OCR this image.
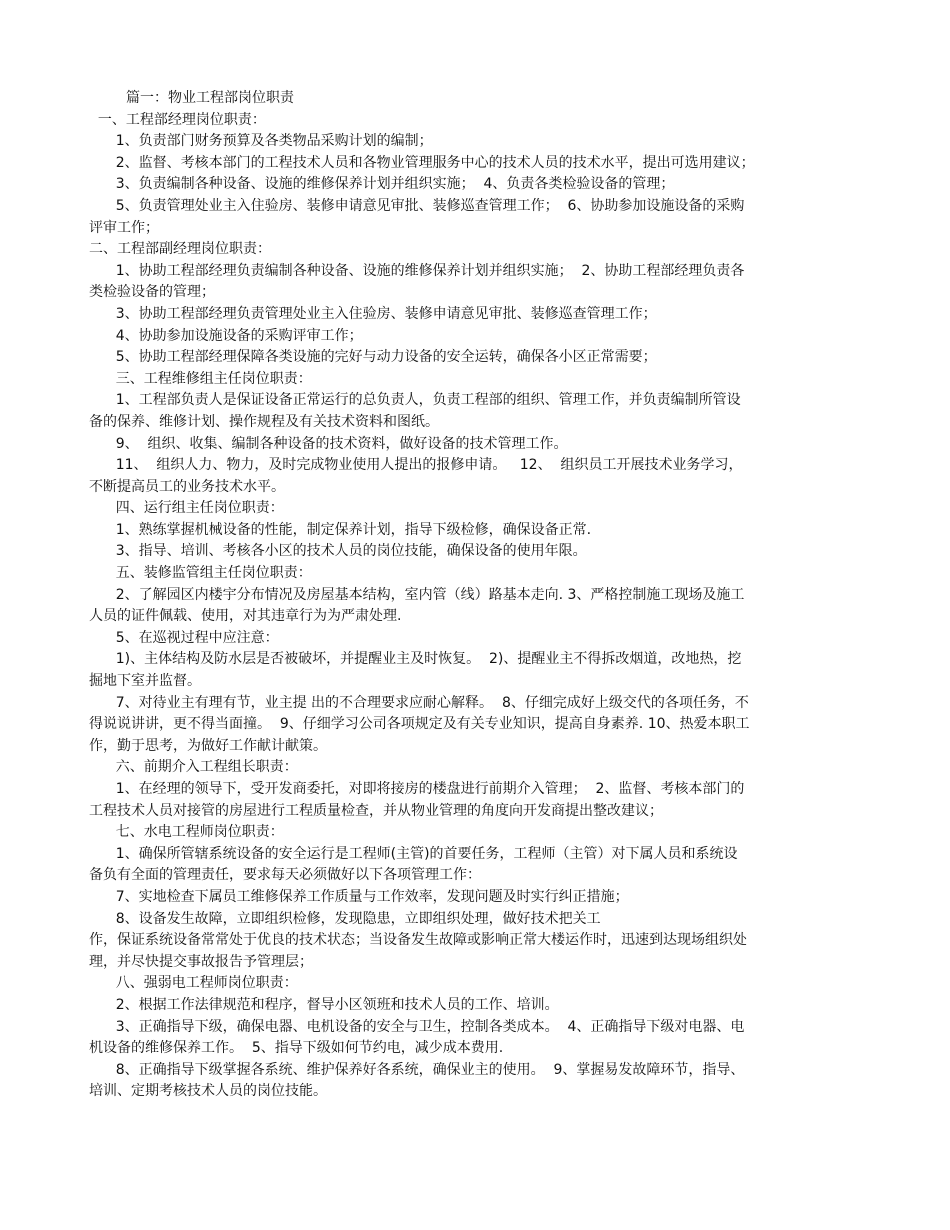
篇一：物业工程部岗位职责
一、工程部经理岗位职责：
1、负责部门财务预算及各类物品采购计划的编制；
2、监督、考核本部门的工程技术人员和各物业管理服务中心的技术人员的技术水平，提出可选用建议；
3、负责编制各种设备、设施的维修保养计划并组织实施；  4、负责各类检验设备的管理；
5、负责管理处业主入住验房、装修申请意见审批、装修巡查管理工作；  6、协助参加设施设备的采购
评审工作；
二、工程部副经理岗位职责：
1、协助工程部经理负责编制各种设备、设施的维修保养计划并组织实施；  2、协助工程部经理负责各
类检验设备的管理；
3、协助工程部经理负责管理处业主入住验房、装修申请意见审批、装修巡查管理工作；
4、协助参加设施设备的采购评审工作；
5、协助工程部经理保障各类设施的完好与动力设备的安全运转，确保各小区正常需要；
三、工程维修组主任岗位职责：
1、工程部负责人是保证设备正常运行的总负责人，负责工程部的组织、管理工作，并负责编制所管设
备的保养、维修计划、操作规程及有关技术资料和图纸。
9、  组织、收集、编制各种设备的技术资料，做好设备的技术管理工作。
11、  组织人力、物力，及时完成物业使用人提出的报修申请。   12、  组织员工开展技术业务学习，
不断提高员工的业务技术水平。
四、运行组主任岗位职责：
1、熟练掌握机械设备的性能，制定保养计划，指导下级检修，确保设备正常.
3、指导、培训、考核各小区的技术人员的岗位技能，确保设备的使用年限。
五、装修监管组主任岗位职责：
2、了解园区内楼宇分布情况及房屋基本结构，室内管（线）路基本走向. 3、严格控制施工现场及施工
人员的证件佩载、使用，对其违章行为为严肃处理.
5、在巡视过程中应注意：
1)、主体结构及防水层是否被破坏，并提醒业主及时恢复。  2)、提醒业主不得拆改烟道，改地热，挖
掘地下室并监督。
7、对待业主有理有节，业主提 出的不合理要求应耐心解释。  8、仔细完成好上级交代的各项任务，不
得说说讲讲，更不得当面撞。  9、仔细学习公司各项规定及有关专业知识，提高自身素养. 10、热爱本职工
作，勤于思考，为做好工作献计献策。
六、前期介入工程组长职责：
1、在经理的领导下，受开发商委托，对即将接房的楼盘进行前期介入管理；  2、监督、考核本部门的
工程技术人员对接管的房屋进行工程质量检查，并从物业管理的角度向开发商提出整改建议；
七、水电工程师岗位职责：
1、确保所管辖系统设备的安全运行是工程师(主管)的首要任务，工程师（主管）对下属人员和系统设
备负有全面的管理责任，要求每天必须做好以下各项管理工作：
7、实地检查下属员工维修保养工作质量与工作效率，发现问题及时实行纠正措施；
8、设备发生故障，立即组织检修，发现隐患，立即组织处理，做好技术把关工
作，保证系统设备常常处于优良的技术状态；当设备发生故障或影响正常大楼运作时，迅速到达现场组织处
理，并尽快提交事故报告予管理层；
八、强弱电工程师岗位职责：
2、根据工作法律规范和程序，督导小区领班和技术人员的工作、培训。
3、正确指导下级，确保电器、电机设备的安全与卫生，控制各类成本。  4、正确指导下级对电器、电
机设备的维修保养工作。  5、指导下级如何节约电，减少成本费用.
8、正确指导下级掌握各系统、维护保养好各系统，确保业主的使用。  9、掌握易发故障环节，指导、
培训、定期考核技术人员的岗位技能。
